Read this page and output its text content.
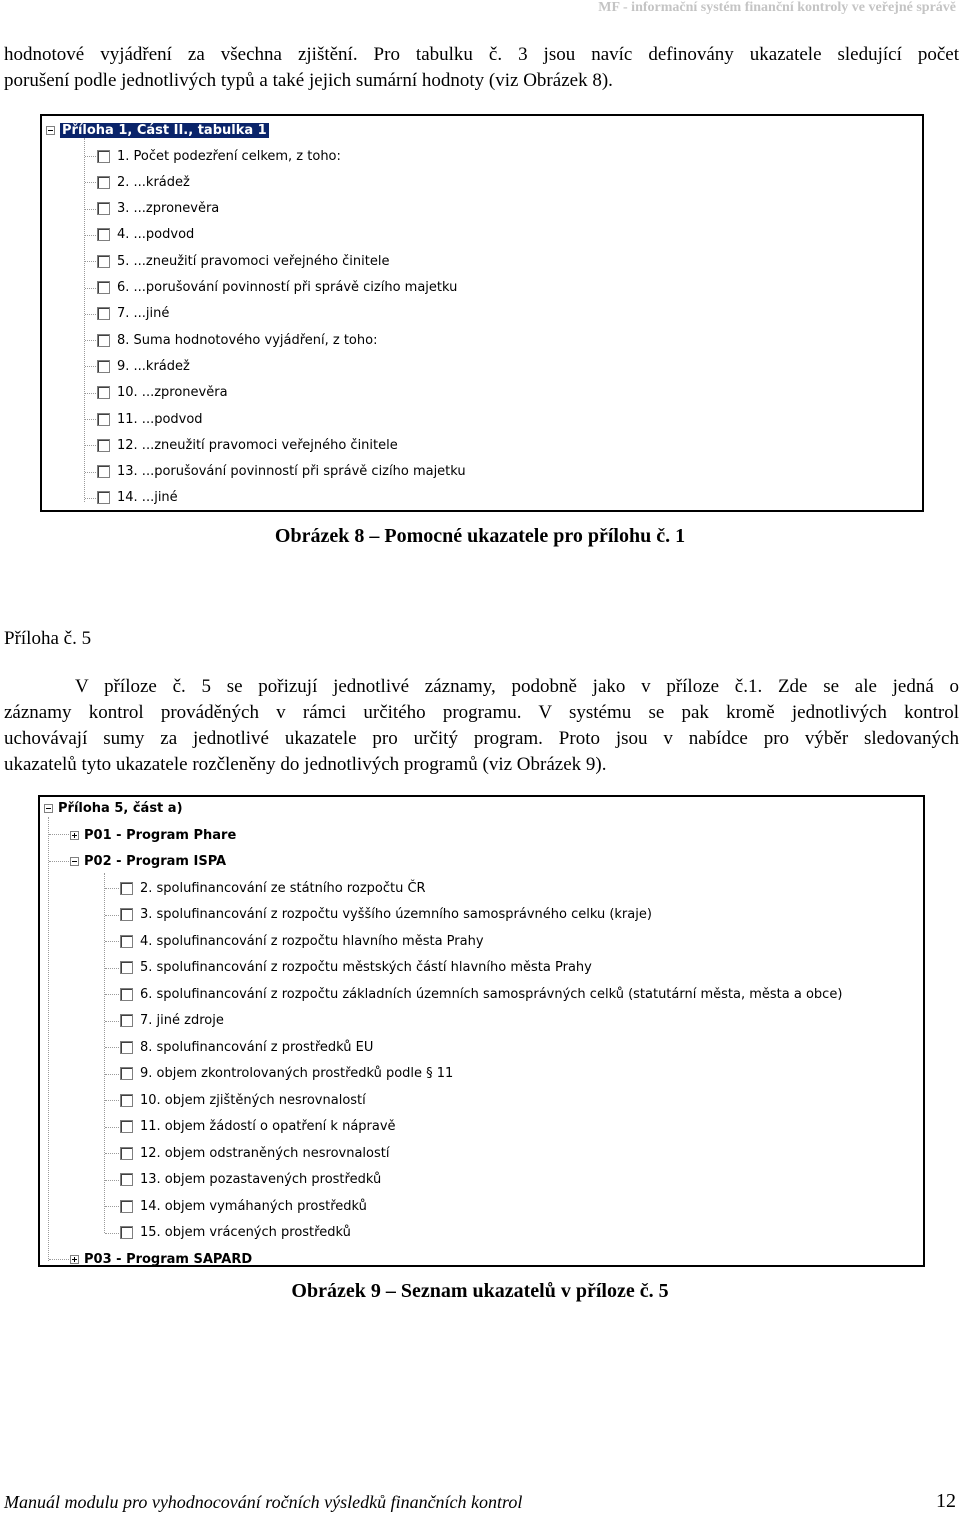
MF - informační systém finanční kontroly ve veřejné správě
hodnotové vyjádření za všechna zjištění. Pro tabulku č. 3 jsou navíc definovány ukazatele sledující počet
porušení podle jednotlivých typů a také jejich sumární hodnoty (viz Obrázek 8).
Příloha 1, Část II., tabulka 1
1. Počet podezření celkem, z toho:
2. ...krádež
3. ...zpronevěra
4. ...podvod
5. ...zneužití pravomoci veřejného činitele
6. ...porušování povinností při správě cizího majetku
7. ...jiné
8. Suma hodnotového vyjádření, z toho:
9. ...krádež
10. ...zpronevěra
11. ...podvod
12. ...zneužití pravomoci veřejného činitele
13. ...porušování povinností při správě cizího majetku
14. ...jiné
Obrázek 8 – Pomocné ukazatele pro přílohu č. 1
Příloha č. 5
V příloze č. 5 se pořizují jednotlivé záznamy, podobně jako v příloze č.1. Zde se ale jedná o
záznamy kontrol prováděných v rámci určitého programu. V systému se pak kromě jednotlivých kontrol
uchovávají sumy za jednotlivé ukazatele pro určitý program. Proto jsou v nabídce pro výběr sledovaných
ukazatelů tyto ukazatele rozčleněny do jednotlivých programů (viz Obrázek 9).
Příloha 5, část a)
P01 - Program Phare
P02 - Program ISPA
2. spolufinancování ze státního rozpočtu ČR
3. spolufinancování z rozpočtu vyššího územního samosprávného celku (kraje)
4. spolufinancování z rozpočtu hlavního města Prahy
5. spolufinancování z rozpočtu městských částí hlavního města Prahy
6. spolufinancování z rozpočtu základních územních samosprávných celků (statutární města, města a obce)
7. jiné zdroje
8. spolufinancování z prostředků EU
9. objem zkontrolovaných prostředků podle § 11
10. objem zjištěných nesrovnalostí
11. objem žádostí o opatření k nápravě
12. objem odstraněných nesrovnalostí
13. objem pozastavených prostředků
14. objem vymáhaných prostředků
15. objem vrácených prostředků
P03 - Program SAPARD
Obrázek 9 – Seznam ukazatelů v příloze č. 5
Manuál modulu pro vyhodnocování ročních výsledků finančních kontrol	12
